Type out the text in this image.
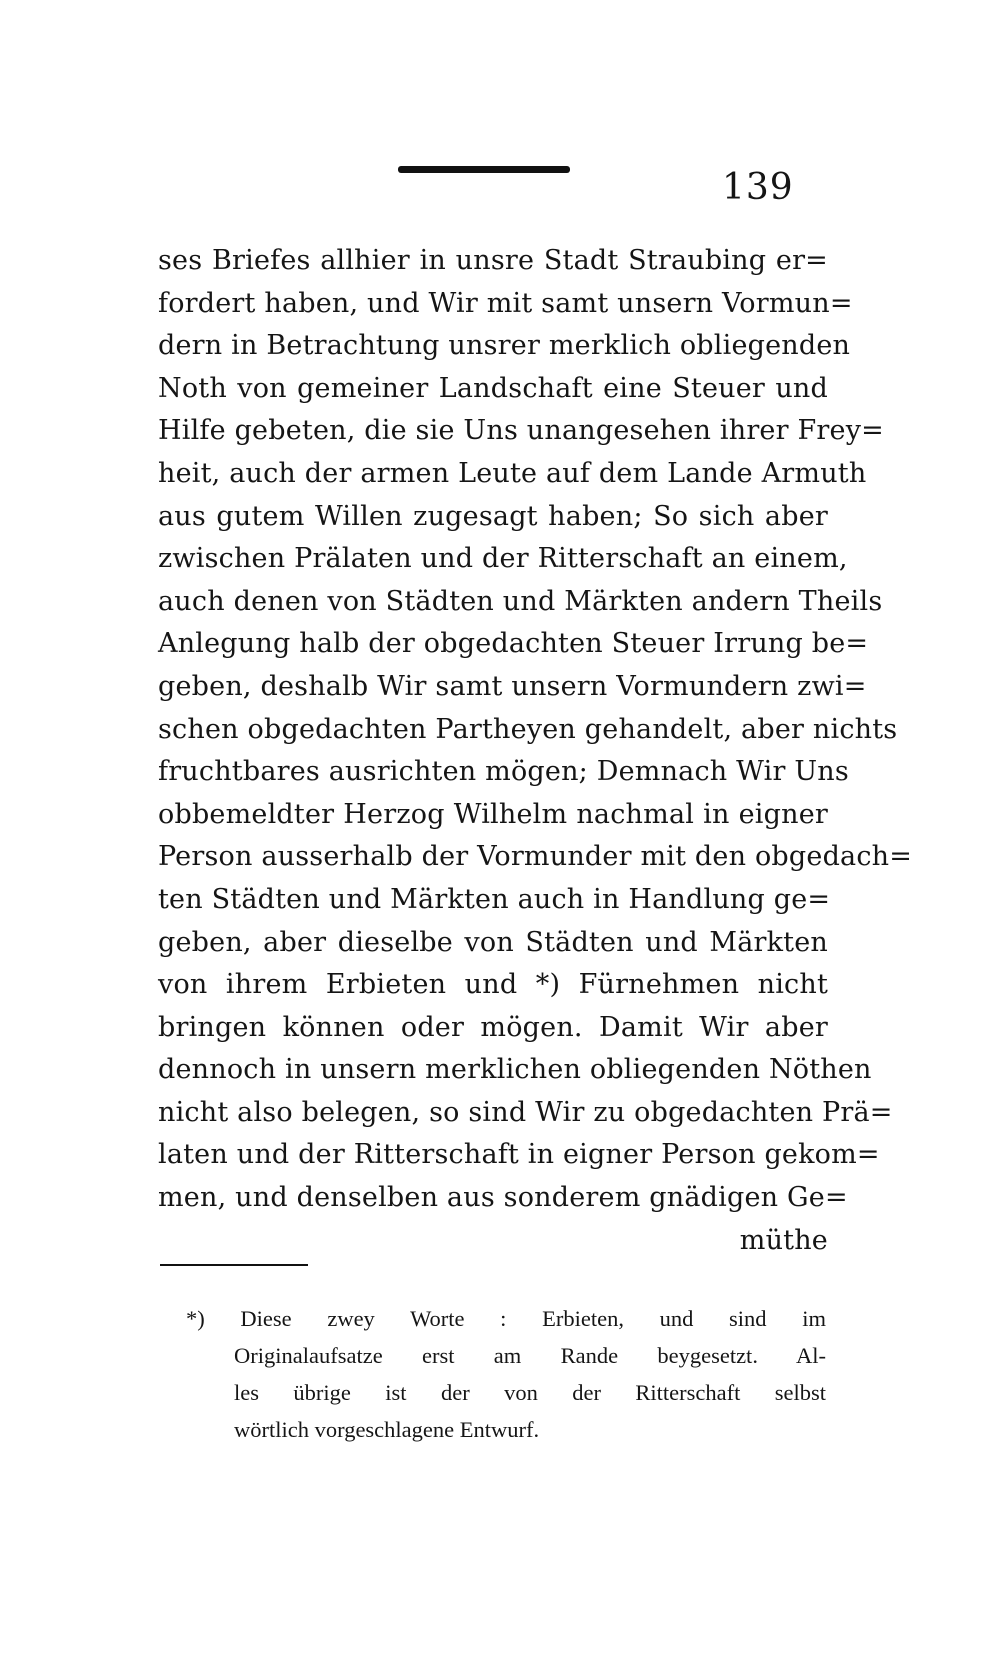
139
ses Briefes allhier in unsre Stadt Straubing er=
fordert haben, und Wir mit samt unsern Vormun=
dern in Betrachtung unsrer merklich obliegenden
Noth von gemeiner Landschaft eine Steuer und
Hilfe gebeten, die sie Uns unangesehen ihrer Frey=
heit, auch der armen Leute auf dem Lande Armuth
aus gutem Willen zugesagt haben; So sich aber
zwischen Prälaten und der Ritterschaft an einem,
auch denen von Städten und Märkten andern Theils
Anlegung halb der obgedachten Steuer Irrung be=
geben, deshalb Wir samt unsern Vormundern zwi=
schen obgedachten Partheyen gehandelt, aber nichts
fruchtbares ausrichten mögen; Demnach Wir Uns
obbemeldter Herzog Wilhelm nachmal in eigner
Person ausserhalb der Vormunder mit den obgedach=
ten Städten und Märkten auch in Handlung ge=
geben, aber dieselbe von Städten und Märkten
von ihrem Erbieten und *) Fürnehmen nicht
bringen können oder mögen. Damit Wir aber
dennoch in unsern merklichen obliegenden Nöthen
nicht also belegen, so sind Wir zu obgedachten Prä=
laten und der Ritterschaft in eigner Person gekom=
men, und denselben aus sonderem gnädigen Ge=
müthe
*) Diese zwey Worte : Erbieten, und sind im
Originalaufsatze erst am Rande beygesetzt. Al-
les übrige ist der von der Ritterschaft selbst
wörtlich vorgeschlagene Entwurf.
